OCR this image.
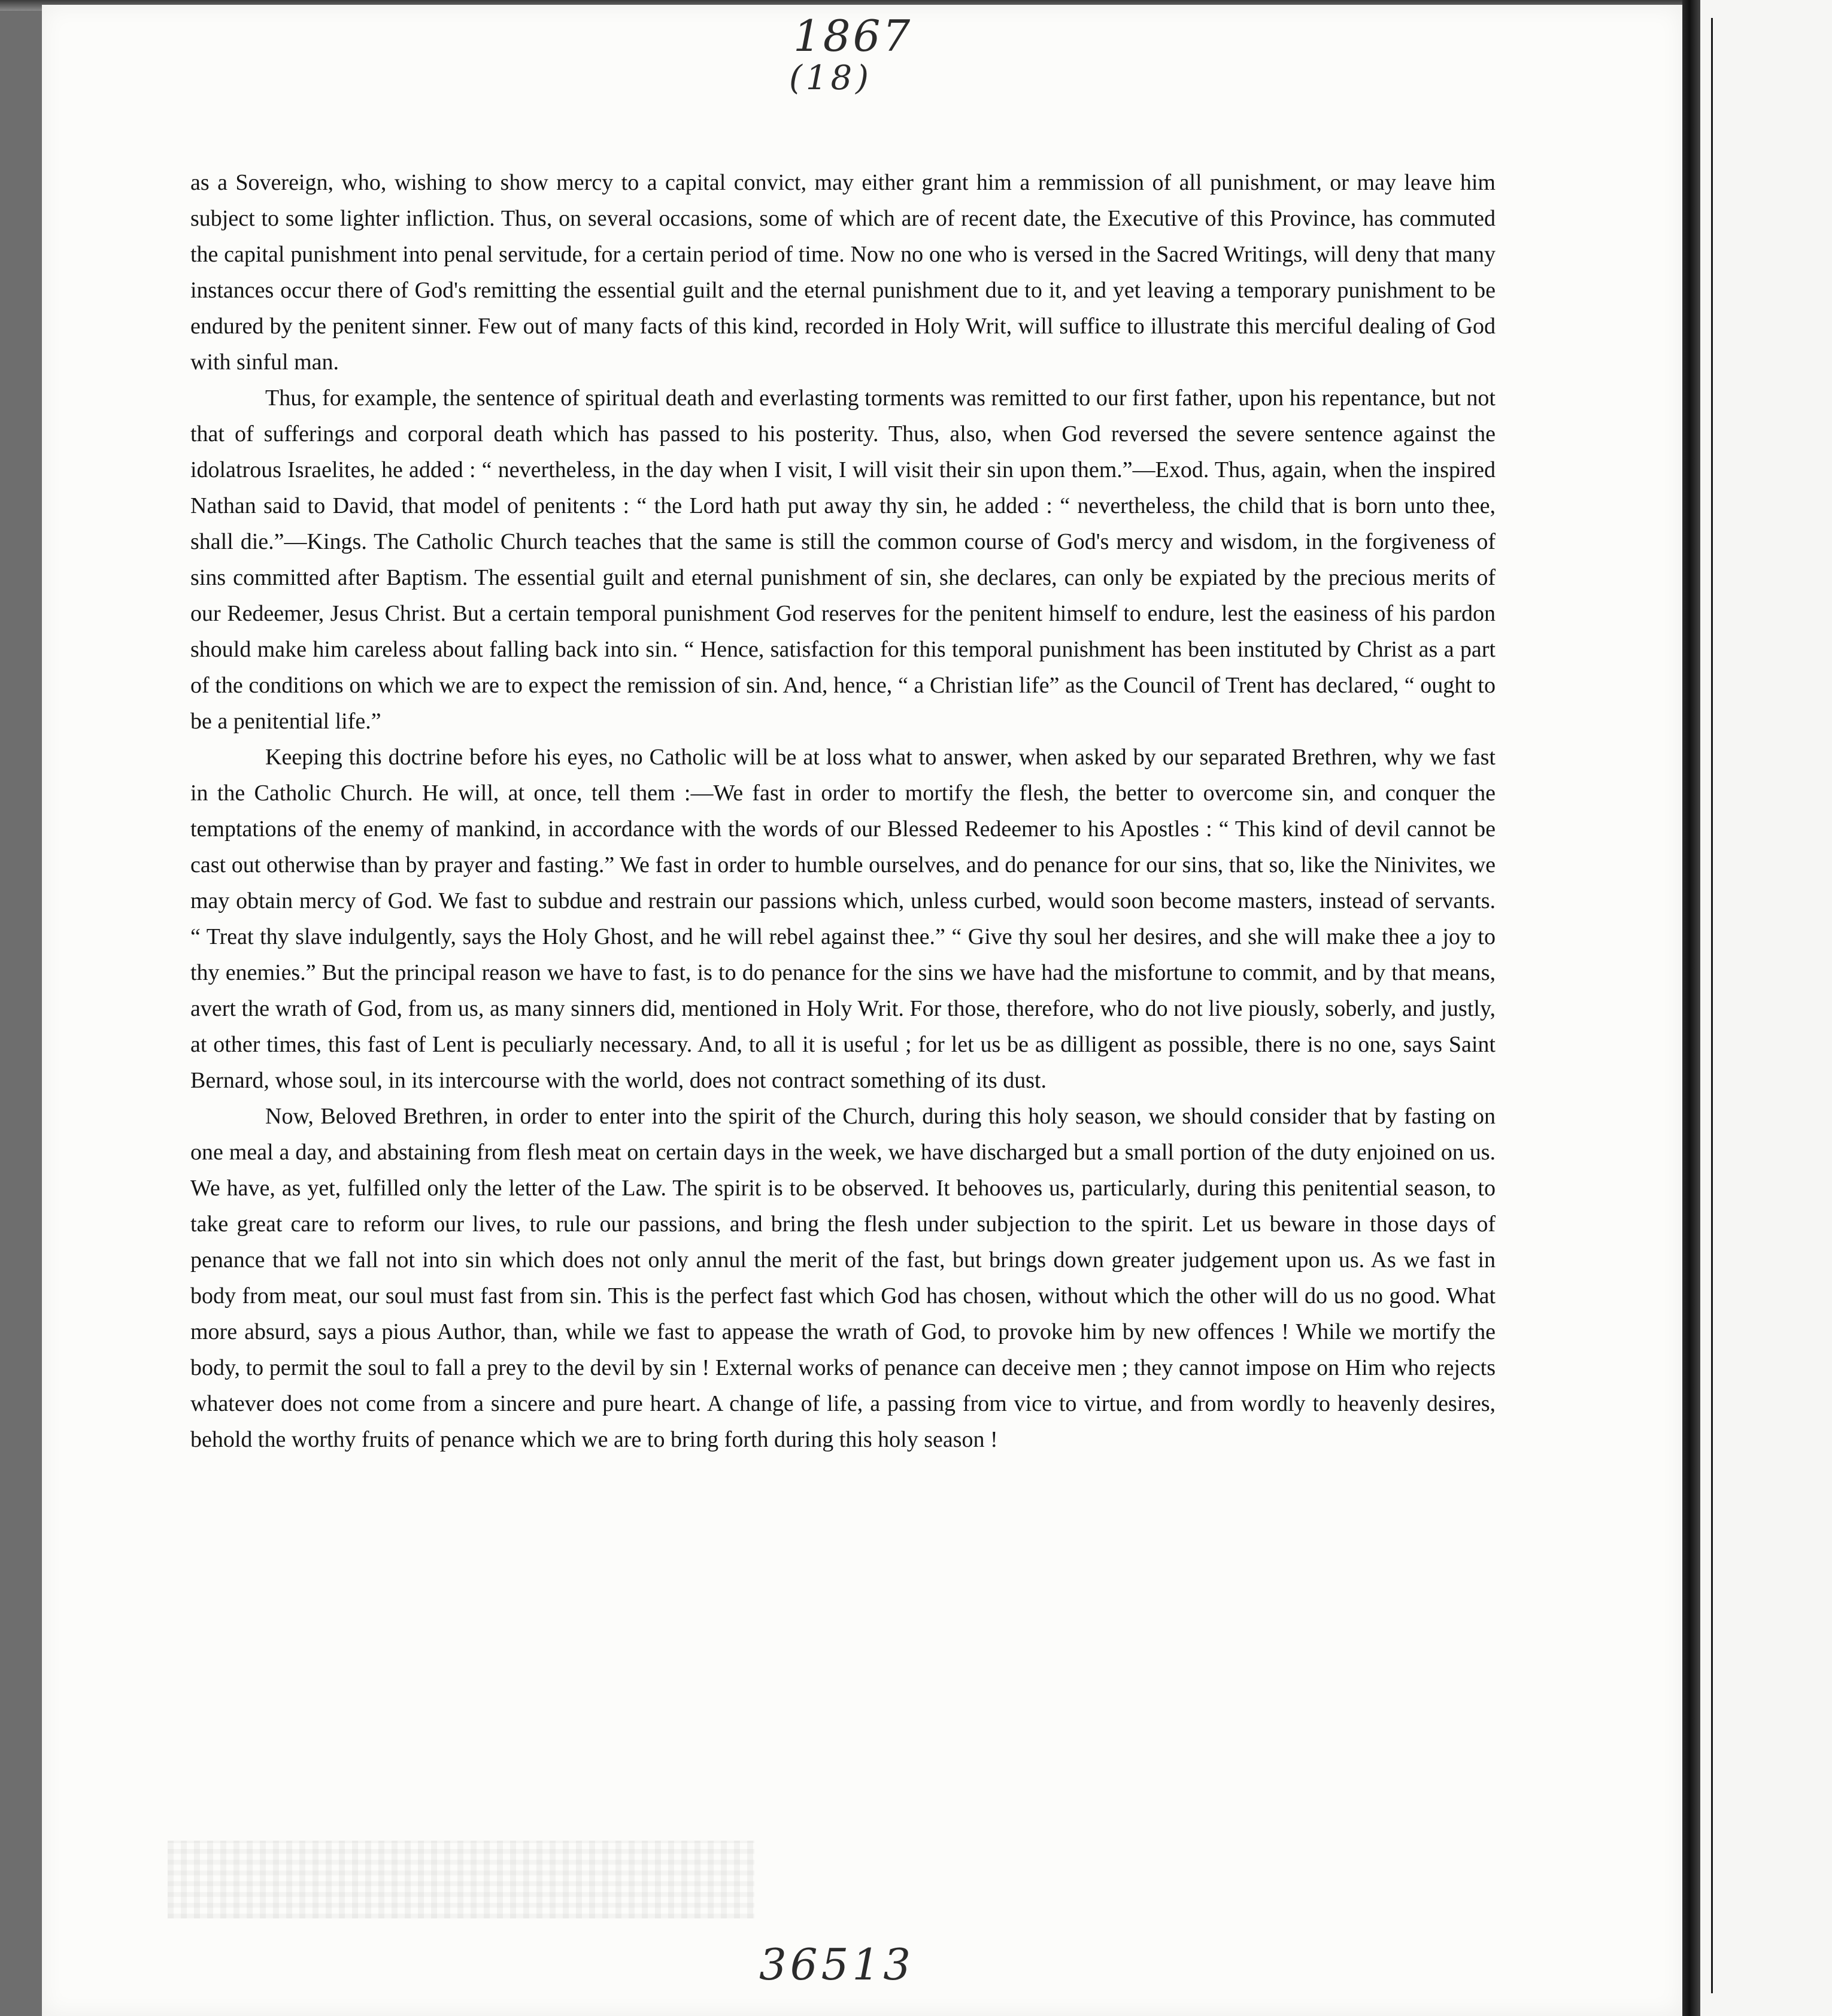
1867
(18)

as a Sovereign, who, wishing to show mercy to a capital convict, may either grant him a remmission of all punishment, or may leave him subject to some lighter infliction. Thus, on several occasions, some of which are of recent date, the Executive of this Province, has commuted the capital punishment into penal servitude, for a certain period of time. Now no one who is versed in the Sacred Writings, will deny that many instances occur there of God's remitting the essential guilt and the eternal punishment due to it, and yet leaving a temporary punishment to be endured by the penitent sinner. Few out of many facts of this kind, recorded in Holy Writ, will suffice to illustrate this merciful dealing of God with sinful man.

Thus, for example, the sentence of spiritual death and everlasting torments was remitted to our first father, upon his repentance, but not that of sufferings and corporal death which has passed to his posterity. Thus, also, when God reversed the severe sentence against the idolatrous Israelites, he added : “ nevertheless, in the day when I visit, I will visit their sin upon them.”—Exod. Thus, again, when the inspired Nathan said to David, that model of penitents : “ the Lord hath put away thy sin, he added : “ nevertheless, the child that is born unto thee, shall die.”—Kings. The Catholic Church teaches that the same is still the common course of God's mercy and wisdom, in the forgiveness of sins committed after Baptism. The essential guilt and eternal punishment of sin, she declares, can only be expiated by the precious merits of our Redeemer, Jesus Christ. But a certain temporal punishment God reserves for the penitent himself to endure, lest the easiness of his pardon should make him careless about falling back into sin. “ Hence, satisfaction for this temporal punishment has been instituted by Christ as a part of the conditions on which we are to expect the remission of sin. And, hence, “ a Christian life” as the Council of Trent has declared, “ ought to be a penitential life.”

Keeping this doctrine before his eyes, no Catholic will be at loss what to answer, when asked by our separated Brethren, why we fast in the Catholic Church. He will, at once, tell them :—We fast in order to mortify the flesh, the better to overcome sin, and conquer the temptations of the enemy of mankind, in accordance with the words of our Blessed Redeemer to his Apostles : “ This kind of devil cannot be cast out otherwise than by prayer and fasting.” We fast in order to humble ourselves, and do penance for our sins, that so, like the Ninivites, we may obtain mercy of God. We fast to subdue and restrain our passions which, unless curbed, would soon become masters, instead of servants. “ Treat thy slave indulgently, says the Holy Ghost, and he will rebel against thee.” “ Give thy soul her desires, and she will make thee a joy to thy enemies.” But the principal reason we have to fast, is to do penance for the sins we have had the misfortune to commit, and by that means, avert the wrath of God, from us, as many sinners did, mentioned in Holy Writ. For those, therefore, who do not live piously, soberly, and justly, at other times, this fast of Lent is peculiarly necessary. And, to all it is useful ; for let us be as dilligent as possible, there is no one, says Saint Bernard, whose soul, in its intercourse with the world, does not contract something of its dust.

Now, Beloved Brethren, in order to enter into the spirit of the Church, during this holy season, we should consider that by fasting on one meal a day, and abstaining from flesh meat on certain days in the week, we have discharged but a small portion of the duty enjoined on us. We have, as yet, fulfilled only the letter of the Law. The spirit is to be observed. It behooves us, particularly, during this penitential season, to take great care to reform our lives, to rule our passions, and bring the flesh under subjection to the spirit. Let us beware in those days of penance that we fall not into sin which does not only annul the merit of the fast, but brings down greater judgement upon us. As we fast in body from meat, our soul must fast from sin. This is the perfect fast which God has chosen, without which the other will do us no good. What more absurd, says a pious Author, than, while we fast to appease the wrath of God, to provoke him by new offences ! While we mortify the body, to permit the soul to fall a prey to the devil by sin ! External works of penance can deceive men ; they cannot impose on Him who rejects whatever does not come from a sincere and pure heart. A change of life, a passing from vice to virtue, and from wordly to heavenly desires, behold the worthy fruits of penance which we are to bring forth during this holy season !

36513
